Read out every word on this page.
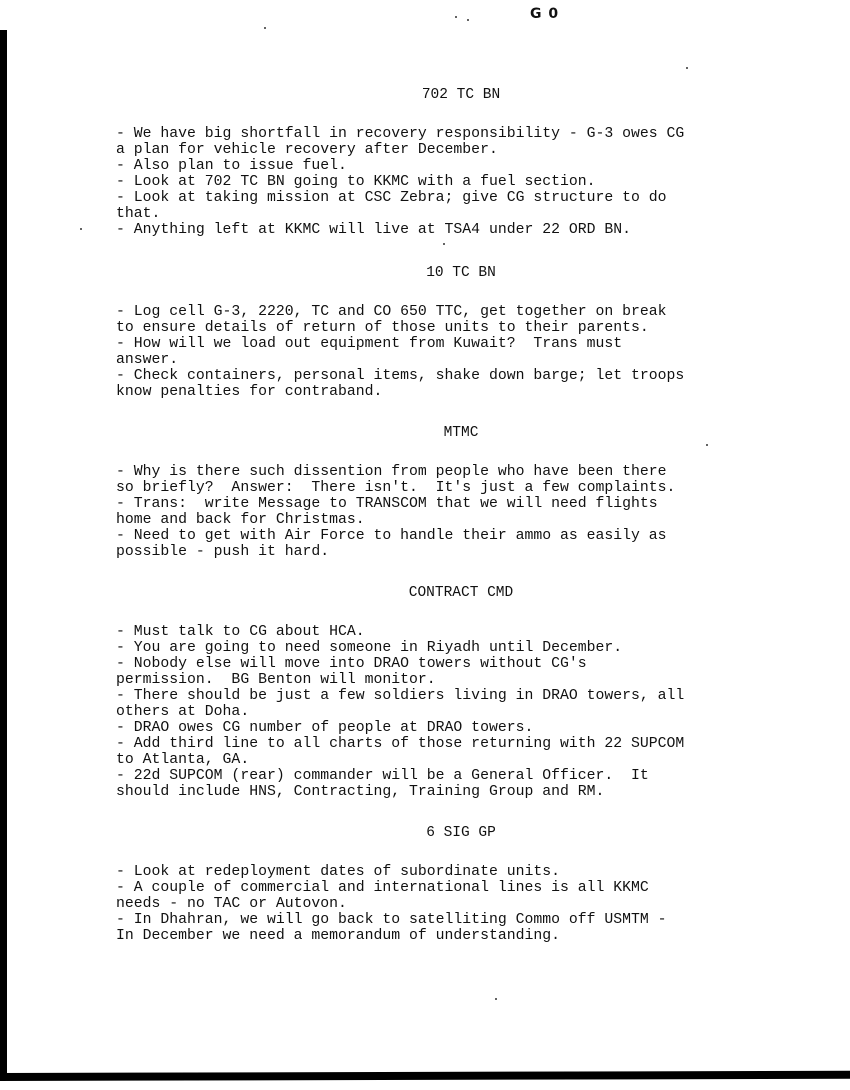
G 0
702 TC BN
- We have big shortfall in recovery responsibility - G-3 owes CG
a plan for vehicle recovery after December.
- Also plan to issue fuel.
- Look at 702 TC BN going to KKMC with a fuel section.
- Look at taking mission at CSC Zebra; give CG structure to do
that.
- Anything left at KKMC will live at TSA4 under 22 ORD BN.
10 TC BN
- Log cell G-3, 2220, TC and CO 650 TTC, get together on break
to ensure details of return of those units to their parents.
- How will we load out equipment from Kuwait?  Trans must
answer.
- Check containers, personal items, shake down barge; let troops
know penalties for contraband.
MTMC
- Why is there such dissention from people who have been there
so briefly?  Answer:  There isn't.  It's just a few complaints.
- Trans:  write Message to TRANSCOM that we will need flights
home and back for Christmas.
- Need to get with Air Force to handle their ammo as easily as
possible - push it hard.
CONTRACT CMD
- Must talk to CG about HCA.
- You are going to need someone in Riyadh until December.
- Nobody else will move into DRAO towers without CG's
permission.  BG Benton will monitor.
- There should be just a few soldiers living in DRAO towers, all
others at Doha.
- DRAO owes CG number of people at DRAO towers.
- Add third line to all charts of those returning with 22 SUPCOM
to Atlanta, GA.
- 22d SUPCOM (rear) commander will be a General Officer.  It
should include HNS, Contracting, Training Group and RM.
6 SIG GP
- Look at redeployment dates of subordinate units.
- A couple of commercial and international lines is all KKMC
needs - no TAC or Autovon.
- In Dhahran, we will go back to satelliting Commo off USMTM -
In December we need a memorandum of understanding.
